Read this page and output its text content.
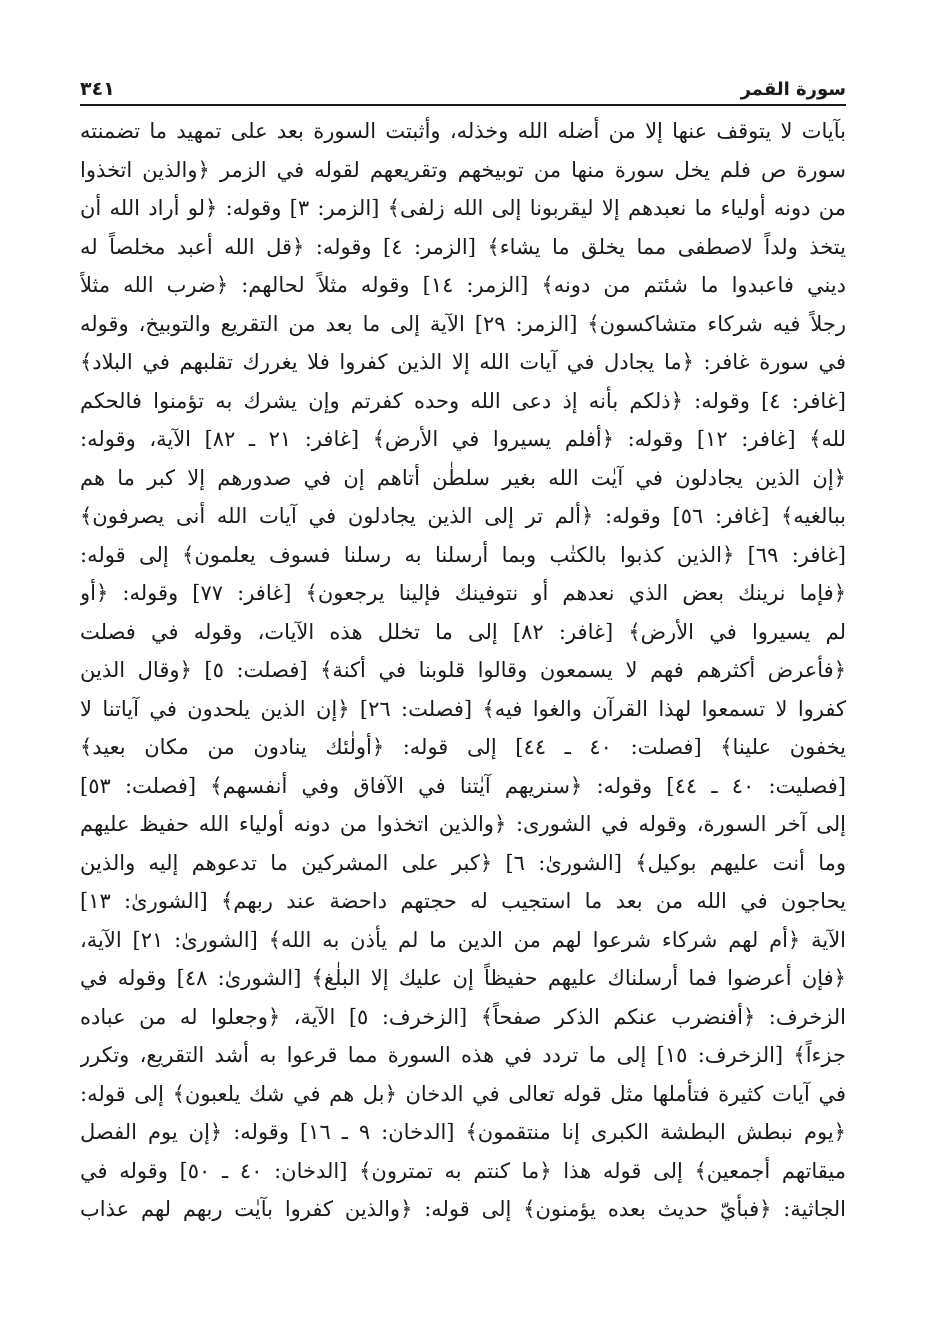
سورة القمر
٣٤١
بآيات لا يتوقف عنها إلا من أضله الله وخذله، وأثبتت السورة بعد على تمهيد ما تضمنته
سورة ص فلم يخل سورة منها من توبيخهم وتقريعهم لقوله في الزمر ﴿والذين اتخذوا
من دونه أولياء ما نعبدهم إلا ليقربونا إلى الله زلفى﴾ [الزمر: ٣] وقوله: ﴿لو أراد الله أن
يتخذ ولداً لاصطفى مما يخلق ما يشاء﴾ [الزمر: ٤] وقوله: ﴿قل الله أعبد مخلصاً له
ديني فاعبدوا ما شئتم من دونه﴾ [الزمر: ١٤] وقوله مثلاً لحالهم: ﴿ضرب الله مثلاً
رجلاً فيه شركاء متشاكسون﴾ [الزمر: ٢٩] الآية إلى ما بعد من التقريع والتوبيخ، وقوله
في سورة غافر: ﴿ما يجادل في آيات الله إلا الذين كفروا فلا يغررك تقلبهم في البلاد﴾
[غافر: ٤] وقوله: ﴿ذلكم بأنه إذ دعى الله وحده كفرتم وإن يشرك به تؤمنوا فالحكم
لله﴾ [غافر: ١٢] وقوله: ﴿أفلم يسيروا في الأرض﴾ [غافر: ٢١ ـ ٨٢] الآية، وقوله:
﴿إن الذين يجادلون في آيٰت الله بغير سلطٰن أتاهم إن في صدورهم إلا كبر ما هم
ببالغيه﴾ [غافر: ٥٦] وقوله: ﴿ألم تر إلى الذين يجادلون في آيات الله أنى يصرفون﴾
[غافر: ٦٩] ﴿الذين كذبوا بالكتٰب وبما أرسلنا به رسلنا فسوف يعلمون﴾ إلى قوله:
﴿فإما نرينك بعض الذي نعدهم أو نتوفينك فإلينا يرجعون﴾ [غافر: ٧٧] وقوله: ﴿أو
لم يسيروا في الأرض﴾ [غافر: ٨٢] إلى ما تخلل هذه الآيات، وقوله في فصلت
﴿فأعرض أكثرهم فهم لا يسمعون وقالوا قلوبنا في أكنة﴾ [فصلت: ٥] ﴿وقال الذين
كفروا لا تسمعوا لهذا القرآن والغوا فيه﴾ [فصلت: ٢٦] ﴿إن الذين يلحدون في آياتنا لا
يخفون علينا﴾ [فصلت: ٤٠ ـ ٤٤] إلى قوله: ﴿أولٰئك ينادون من مكان بعيد﴾
[فصليت: ٤٠ ـ ٤٤] وقوله: ﴿سنريهم آيٰتنا في الآفاق وفي أنفسهم﴾ [فصلت: ٥٣]
إلى آخر السورة، وقوله في الشورى: ﴿والذين اتخذوا من دونه أولياء الله حفيظ عليهم
وما أنت عليهم بوكيل﴾ [الشورىٰ: ٦] ﴿كبر على المشركين ما تدعوهم إليه والذين
يحاجون في الله من بعد ما استجيب له حجتهم داحضة عند ربهم﴾ [الشورىٰ: ١٣]
الآية ﴿أم لهم شركاء شرعوا لهم من الدين ما لم يأذن به الله﴾ [الشورىٰ: ٢١] الآية،
﴿فإن أعرضوا فما أرسلناك عليهم حفيظاً إن عليك إلا البلٰغ﴾ [الشورىٰ: ٤٨] وقوله في
الزخرف: ﴿أفنضرب عنكم الذكر صفحاً﴾ [الزخرف: ٥] الآية، ﴿وجعلوا له من عباده
جزءاً﴾ [الزخرف: ١٥] إلى ما تردد في هذه السورة مما قرعوا به أشد التقريع، وتكرر
في آيات كثيرة فتأملها مثل قوله تعالى في الدخان ﴿بل هم في شك يلعبون﴾ إلى قوله:
﴿يوم نبطش البطشة الكبرى إنا منتقمون﴾ [الدخان: ٩ ـ ١٦] وقوله: ﴿إن يوم الفصل
ميقاتهم أجمعين﴾ إلى قوله هذا ﴿ما كنتم به تمترون﴾ [الدخان: ٤٠ ـ ٥٠] وقوله في
الجاثية: ﴿فبأيّ حديث بعده يؤمنون﴾ إلى قوله: ﴿والذين كفروا بآيٰت ربهم لهم عذاب
